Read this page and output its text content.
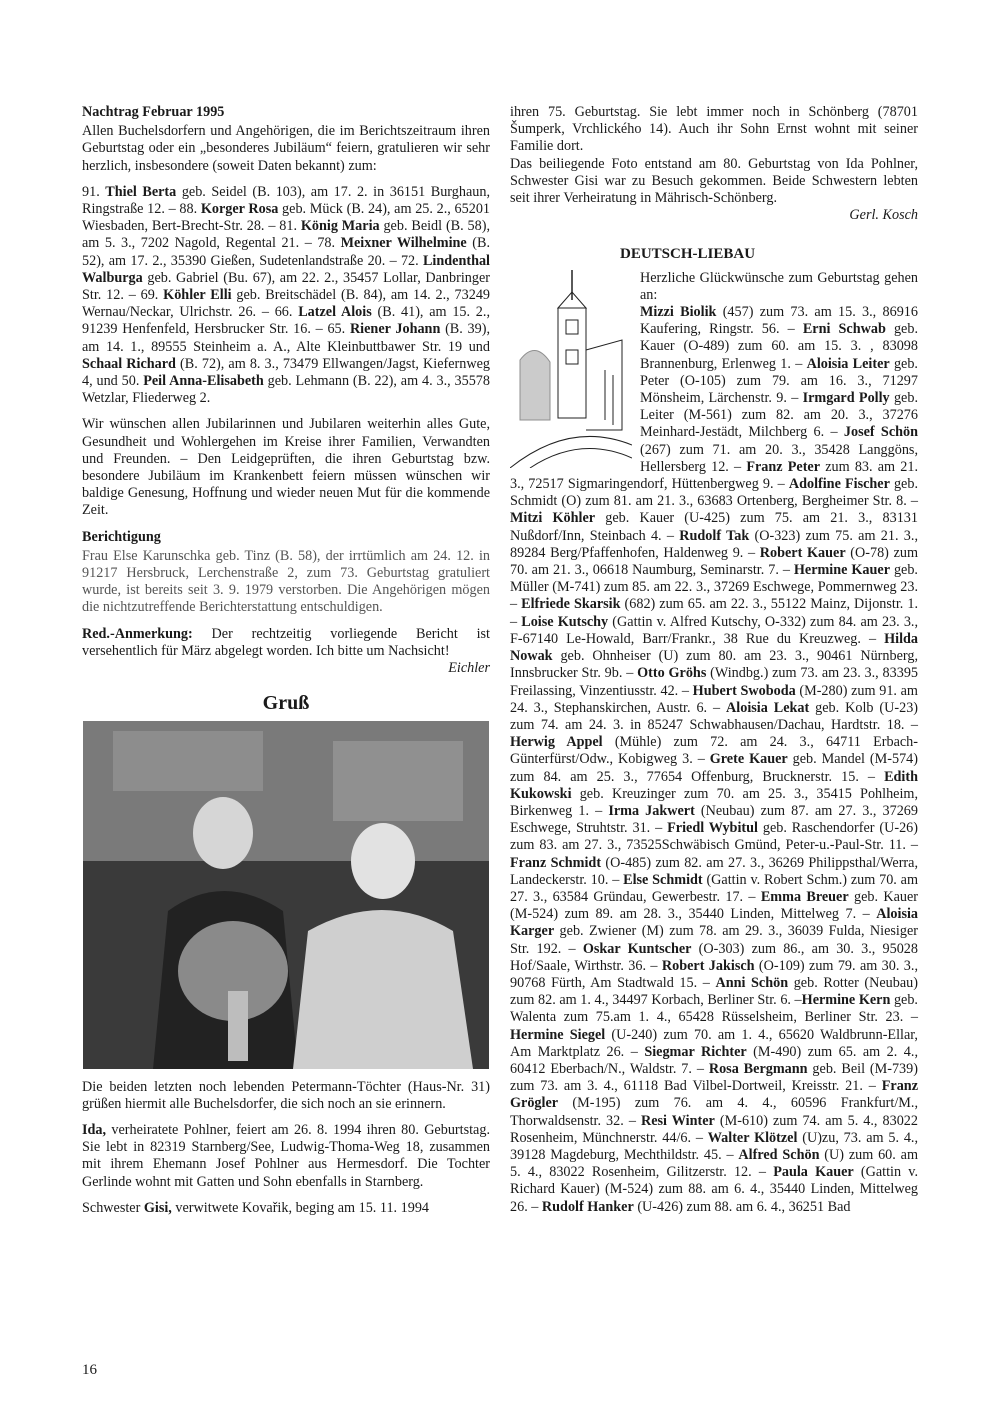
Nachtrag Februar 1995

Allen Buchelsdorfern und Angehörigen, die im Berichtszeitraum ihren Geburtstag oder ein „besonderes Jubiläum“ feiern, gratulieren wir sehr herzlich, insbesondere (soweit Daten bekannt) zum:

91. Thiel Berta geb. Seidel (B. 103), am 17. 2. in 36151 Burghaun, Ringstraße 12. – 88. Korger Rosa geb. Mück (B. 24), am 25. 2., 65201 Wiesbaden, Bert-Brecht-Str. 28. – 81. König Maria geb. Beidl (B. 58), am 5. 3., 7202 Nagold, Regental 21. – 78. Meixner Wilhelmine (B. 52), am 17. 2., 35390 Gießen, Sudetenlandstraße 20. – 72. Lindenthal Walburga geb. Gabriel (Bu. 67), am 22. 2., 35457 Lollar, Danbringer Str. 12. – 69. Köhler Elli geb. Breitschädel (B. 84), am 14. 2., 73249 Wernau/Neckar, Ulrichstr. 26. – 66. Latzel Alois (B. 41), am 15. 2., 91239 Henfenfeld, Hersbrucker Str. 16. – 65. Riener Johann (B. 39), am 14. 1., 89555 Steinheim a. A., Alte Kleinbuttbawer Str. 19 und Schaal Richard (B. 72), am 8. 3., 73479 Ellwangen/Jagst, Kiefernweg 4, und 50. Peil Anna-Elisabeth geb. Lehmann (B. 22), am 4. 3., 35578 Wetzlar, Fliederweg 2.

Wir wünschen allen Jubilarinnen und Jubilaren weiterhin alles Gute, Gesundheit und Wohlergehen im Kreise ihrer Familien, Verwandten und Freunden. – Den Leidgeprüften, die ihren Geburtstag bzw. besondere Jubiläum im Krankenbett feiern müssen wünschen wir baldige Genesung, Hoffnung und wieder neuen Mut für die kommende Zeit.

Berichtigung

Frau Else Karunschka geb. Tinz (B. 58), der irrtümlich am 24. 12. in 91217 Hersbruck, Lerchenstraße 2, zum 73. Geburtstag gratuliert wurde, ist bereits seit 3. 9. 1979 verstorben. Die Angehörigen mögen die nichtzutreffende Berichterstattung entschuldigen.

Red.-Anmerkung: Der rechtzeitig vorliegende Bericht ist versehentlich für März abgelegt worden. Ich bitte um Nachsicht!

Eichler

Gruß

Die beiden letzten noch lebenden Petermann-Töchter (Haus-Nr. 31) grüßen hiermit alle Buchelsdorfer, die sich noch an sie erinnern.

Ida, verheiratete Pohlner, feiert am 26. 8. 1994 ihren 80. Geburtstag. Sie lebt in 82319 Starnberg/See, Ludwig-Thoma-Weg 18, zusammen mit ihrem Ehemann Josef Pohlner aus Hermesdorf. Die Tochter Gerlinde wohnt mit Gatten und Sohn ebenfalls in Starnberg.

Schwester Gisi, verwitwete Kovařik, beging am 15. 11. 1994

ihren 75. Geburtstag. Sie lebt immer noch in Schönberg (78701 Šumperk, Vrchlického 14). Auch ihr Sohn Ernst wohnt mit seiner Familie dort.

Das beiliegende Foto entstand am 80. Geburtstag von Ida Pohlner, Schwester Gisi war zu Besuch gekommen. Beide Schwestern lebten seit ihrer Verheiratung in Mährisch-Schönberg.

Gerl. Kosch

DEUTSCH-LIEBAU

Herzliche Glückwünsche zum Geburtstag gehen an:

Mizzi Biolik (457) zum 73. am 15. 3., 86916 Kaufering, Ringstr. 56. – Erni Schwab geb. Kauer (O-489) zum 60. am 15. 3. , 83098 Brannenburg, Erlenweg 1. – Aloisia Leiter geb. Peter (O-105) zum 79. am 16. 3., 71297 Mönsheim, Lärchenstr. 9. – Irmgard Polly geb. Leiter (M-561) zum 82. am 20. 3., 37276 Meinhard-Jestädt, Milchberg 6. – Josef Schön (267) zum 71. am 20. 3., 35428 Langgöns, Hellersberg 12. – Franz Peter zum 83. am 21. 3., 72517 Sigmaringendorf, Hüttenbergweg 9. – Adolfine Fischer geb. Schmidt (O) zum 81. am 21. 3., 63683 Ortenberg, Bergheimer Str. 8. – Mitzi Köhler geb. Kauer (U-425) zum 75. am 21. 3., 83131 Nußdorf/Inn, Steinbach 4. – Rudolf Tak (O-323) zum 75. am 21. 3., 89284 Berg/Pfaffenhofen, Haldenweg 9. – Robert Kauer (O-78) zum 70. am 21. 3., 06618 Naumburg, Seminarstr. 7. – Hermine Kauer geb. Müller (M-741) zum 85. am 22. 3., 37269 Eschwege, Pommernweg 23. – Elfriede Skarsik (682) zum 65. am 22. 3., 55122 Mainz, Dijonstr. 1. – Loise Kutschy (Gattin v. Alfred Kutschy, O-332) zum 84. am 23. 3., F-67140 Le-Howald, Barr/Frankr., 38 Rue du Kreuzweg. – Hilda Nowak geb. Ohnheiser (U) zum 80. am 23. 3., 90461 Nürnberg, Innsbrucker Str. 9b. – Otto Gröhs (Windbg.) zum 73. am 23. 3., 83395 Freilassing, Vinzentiusstr. 42. – Hubert Swoboda (M-280) zum 91. am 24. 3., Stephanskirchen, Austr. 6. – Aloisia Lekat geb. Kolb (U-23) zum 74. am 24. 3. in 85247 Schwabhausen/Dachau, Hardtstr. 18. – Herwig Appel (Mühle) zum 72. am 24. 3., 64711 Erbach-Günterfürst/Odw., Kobigweg 3. – Grete Kauer geb. Mandel (M-574) zum 84. am 25. 3., 77654 Offenburg, Brucknerstr. 15. – Edith Kukowski geb. Kreuzinger zum 70. am 25. 3., 35415 Pohlheim, Birkenweg 1. – Irma Jakwert (Neubau) zum 87. am 27. 3., 37269 Eschwege, Struhtstr. 31. – Friedl Wybitul geb. Raschendorfer (U-26) zum 83. am 27. 3., 73525Schwäbisch Gmünd, Peter-u.-Paul-Str. 11. – Franz Schmidt (O-485) zum 82. am 27. 3., 36269 Philippsthal/Werra, Landeckerstr. 10. – Else Schmidt (Gattin v. Robert Schm.) zum 70. am 27. 3., 63584 Gründau, Gewerbestr. 17. – Emma Breuer geb. Kauer (M-524) zum 89. am 28. 3., 35440 Linden, Mittelweg 7. – Aloisia Karger geb. Zwiener (M) zum 78. am 29. 3., 36039 Fulda, Niesiger Str. 192. – Oskar Kuntscher (O-303) zum 86., am 30. 3., 95028 Hof/Saale, Wirthstr. 36. – Robert Jakisch (O-109) zum 79. am 30. 3., 90768 Fürth, Am Stadtwald 15. – Anni Schön geb. Rotter (Neubau) zum 82. am 1. 4., 34497 Korbach, Berliner Str. 6. –Hermine Kern geb. Walenta zum 75.am 1. 4., 65428 Rüsselsheim, Berliner Str. 23. – Hermine Siegel (U-240) zum 70. am 1. 4., 65620 Waldbrunn-Ellar, Am Marktplatz 26. – Siegmar Richter (M-490) zum 65. am 2. 4., 60412 Eberbach/N., Waldstr. 7. – Rosa Bergmann geb. Beil (M-739) zum 73. am 3. 4., 61118 Bad Vilbel-Dortweil, Kreisstr. 21. – Franz Grögler (M-195) zum 76. am 4. 4., 60596 Frankfurt/M., Thorwaldsenstr. 32. – Resi Winter (M-610) zum 74. am 5. 4., 83022 Rosenheim, Münchnerstr. 44/6. – Walter Klötzel (U)zu, 73. am 5. 4., 39128 Magdeburg, Mechthildstr. 45. – Alfred Schön (U) zum 60. am 5. 4., 83022 Rosenheim, Gilitzerstr. 12. – Paula Kauer (Gattin v. Richard Kauer) (M-524) zum 88. am 6. 4., 35440 Linden, Mittelweg 26. – Rudolf Hanker (U-426) zum 88. am 6. 4., 36251 Bad
16
